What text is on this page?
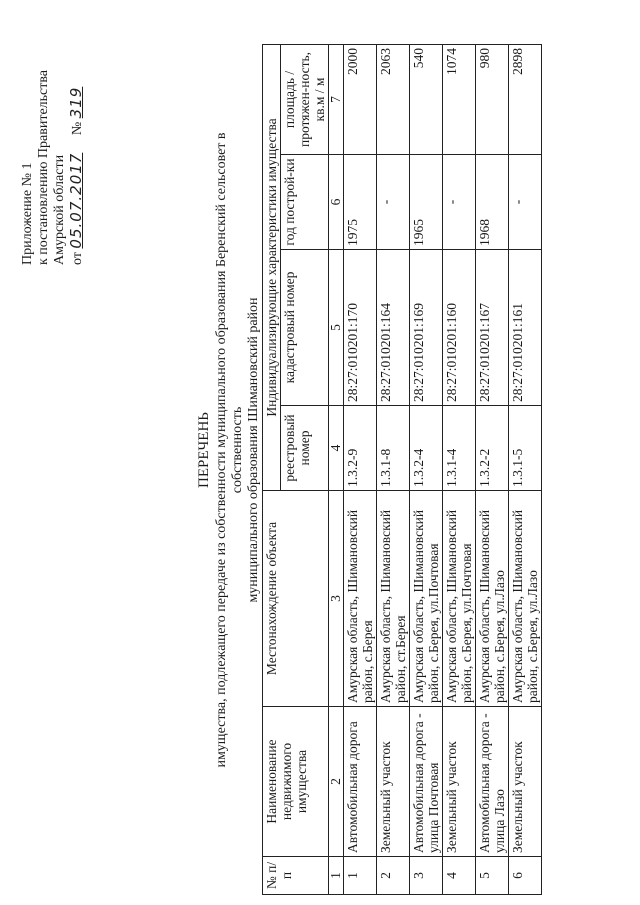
Приложение № 1 к постановлению Правительства Амурской области от 05.07.2017     № 319
ПЕРЕЧЕНЬ имущества, подлежащего передаче из собственности муниципального образования Беренский сельсовет в собственность муниципального образования Шимановский район
№ п/п	Наименование недвижимого имущества	Местонахождение объекта	Индивидуализирующие характеристики имущества			
			реестровый номер	кадастровый номер	год построй-ки	площадь / протяжен-ность, кв.м / м
1	2	3	4	5	6	7
1	Автомобильная дорога	Амурская область, Шимановский район, с.Берея	1.3.2-9	28:27:010201:170	1975	2000
2	Земельный участок	Амурская область, Шимановский район, ст.Берея	1.3.1-8	28:27:010201:164	-	2063
3	Автомобильная дорога - улица Почтовая	Амурская область, Шимановский район, с.Берея, ул.Почтовая	1.3.2-4	28:27:010201:169	1965	540
4	Земельный участок	Амурская область, Шимановский район, с.Берея, ул.Почтовая	1.3.1-4	28:27:010201:160	-	1074
5	Автомобильная дорога - улица Лазо	Амурская область, Шимановский район, с.Берея, ул.Лазо	1.3.2-2	28:27:010201:167	1968	980
6	Земельный участок	Амурская область, Шимановский район, с.Берея, ул.Лазо	1.3.1-5	28:27:010201:161	-	2898
